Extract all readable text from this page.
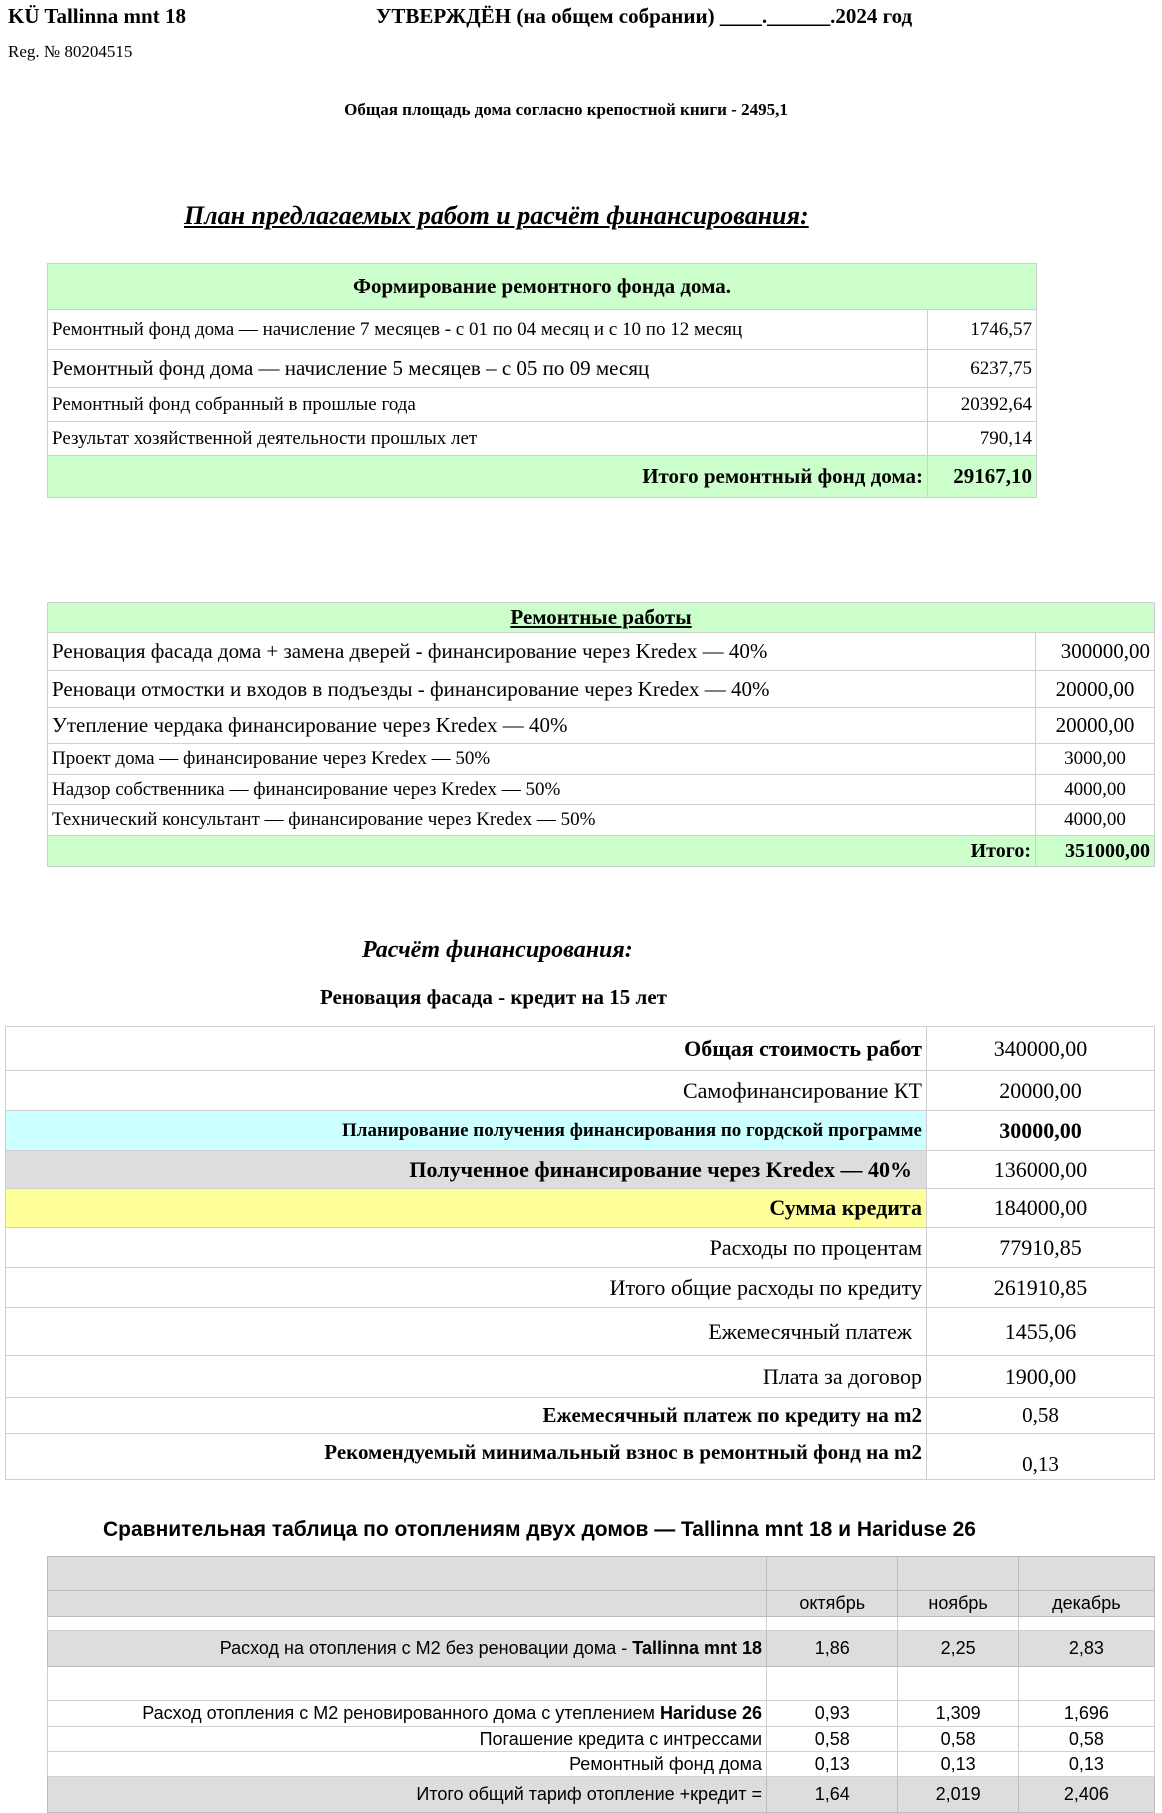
KÜ Tallinna mnt 18	УТВЕРЖДЁН (на общем собрании) ____.______.2024 год
Reg. № 80204515
Общая площадь дома согласно крепостной книги - 2495,1
План предлагаемых работ и расчёт финансирования:
Формирование ремонтного фонда дома.	
Ремонтный фонд дома — начисление 7 месяцев - с 01 по 04 месяц и с 10 по 12 месяц	1746,57
Ремонтный фонд дома — начисление 5 месяцев – с 05 по 09 месяц	6237,75
Ремонтный фонд собранный в прошлые года	20392,64
Результат хозяйственной деятельности прошлых лет	790,14
Итого ремонтный фонд дома:	29167,10
Ремонтные работы	
Реновация фасада дома + замена дверей - финансирование через Kredex — 40%	300000,00
Реноваци отмостки и входов в подъезды - финансирование через Kredex — 40%	20000,00
Утепление чердака финансирование через Kredex — 40%	20000,00
Проект дома — финансирование через Kredex — 50%	3000,00
Надзор собственника — финансирование через Kredex — 50%	4000,00
Технический консультант — финансирование через Kredex — 50%	4000,00
Итого:	351000,00
Расчёт финансирования:
Реновация фасада - кредит на 15 лет
Общая стоимость работ	340000,00
Самофинансирование КТ	20000,00
Планирование получения финансирования по гордской программе	30000,00
Полученное финансирование через Kredex — 40%	136000,00
Сумма кредита	184000,00
Расходы по процентам	77910,85
Итого общие расходы по кредиту	261910,85
Ежемесячный платеж	1455,06
Плата за договор	1900,00
Ежемесячный платеж по кредиту на m2	0,58
Рекомендуемый минимальный взнос в ремонтный фонд на m2	0,13
Сравнительная таблица по отоплениям двух домов — Tallinna mnt 18 и Hariduse 26

	октябрь	ноябрь	декабрь

Расход на отопления с М2 без реновации дома - Tallinna mnt 18	1,86	2,25	2,83

Расход отопления с М2 реновированного дома с утеплением Hariduse 26	0,93	1,309	1,696
Погашение кредита с интрессами	0,58	0,58	0,58
Ремонтный фонд дома	0,13	0,13	0,13
Итого общий тариф отопление +кредит =	1,64	2,019	2,406
